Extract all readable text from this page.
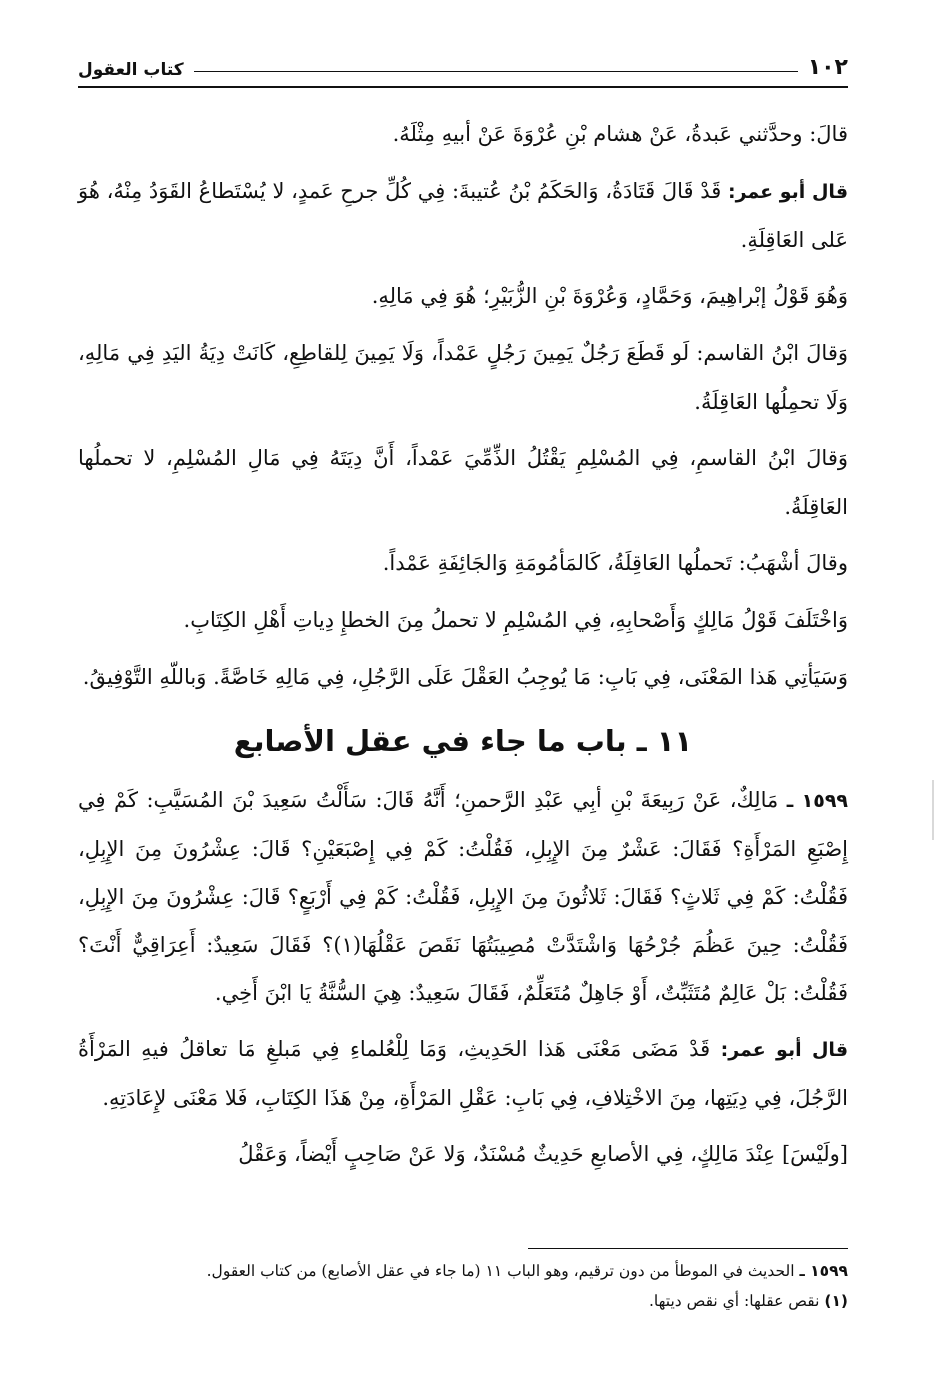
١٠٢
كتاب العقول

قالَ: وحدَّثني عَبدةُ، عَنْ هشام بْنِ عُرْوَةَ عَنْ أبيهِ مِثْلَهُ.

قال أبو عمر: قَدْ قَالَ قَتَادَةُ، وَالحَكَمُ بْنُ عُتيبةَ: فِي كُلِّ جرحِ عَمدٍ، لا يُسْتَطاعُ القَوَدُ مِنْهُ، هُوَ عَلى العَاقِلَةِ.

وَهُوَ قَوْلُ إبْراهِيمَ، وَحَمَّادٍ، وَعُرْوَةَ بْنِ الزُّبَيْرِ؛ هُوَ فِي مَالِهِ.

وَقالَ ابْنُ القاسم: لَو قَطَعَ رَجُلٌ يَمِينَ رَجُلٍ عَمْداً، وَلَا يَمِينَ لِلقاطِعِ، كَانَتْ دِيَةُ اليَدِ فِي مَالِهِ، وَلَا تحمِلُها العَاقِلَةُ.

وَقالَ ابْنُ القاسمِ، فِي المُسْلِمِ يَقْتُلُ الذِّمِّيَ عَمْداً، أَنَّ دِيَتَهُ فِي مَالِ المُسْلِمِ، لا تحملُها العَاقِلَةُ.

وقالَ أشْهَبُ: تَحملُها العَاقِلَةُ، كَالمَأمُومَةِ وَالجَائِفَةِ عَمْداً.

وَاخْتَلَفَ قَوْلُ مَالِكٍ وَأَصْحابِهِ، فِي المُسْلِمِ لا تحملُ مِنَ الخطإِ دِياتِ أَهْلِ الكِتَابِ.

وَسَيَأتِي هَذا المَعْنَى، فِي بَابِ: مَا يُوجِبُ العَقْلَ عَلَى الرَّجُلِ، فِي مَالِهِ خَاصَّةً. وَباللّهِ التَّوْفِيقُ.

١١ ـ باب ما جاء في عقل الأصابع

١٥٩٩ ـ مَالِكٌ، عَنْ رَبِيعَةَ بْنِ أبِي عَبْدِ الرَّحمنِ؛ أَنَّهُ قَالَ: سَأَلْتُ سَعِيدَ بْنَ المُسَيَّبِ: كَمْ فِي إِصْبَعِ المَرْأَةِ؟ فَقَالَ: عَشْرٌ مِنَ الإِبِلِ، فَقُلْتُ: كَمْ فِي إِصْبَعَيْنِ؟ قَالَ: عِشْرُونَ مِنَ الإِبِلِ، فَقُلْتُ: كَمْ فِي ثَلاثٍ؟ فَقَالَ: ثَلاثُونَ مِنَ الإِبِلِ، فَقُلْتُ: كَمْ فِي أَرْبَعٍ؟ قَالَ: عِشْرُونَ مِنَ الإِبِلِ، فَقُلْتُ: حِينَ عَظُمَ جُرْحُهَا وَاشْتَدَّتْ مُصِيبَتُهَا نَقَصَ عَقْلُهَا(١)؟ فَقَالَ سَعِيدٌ: أَعِرَاقِيٌّ أَنْتَ؟ فَقُلْتُ: بَلْ عَالِمٌ مُتَثَبِّتٌ، أَوْ جَاهِلٌ مُتَعَلِّمٌ، فَقَالَ سَعِيدٌ: هِيَ السُّنَّةُ يَا ابْنَ أَخِي.

قال أبو عمر: قَدْ مَضَى مَعْنَى هَذا الحَدِيثِ، وَمَا لِلْعُلماءِ فِي مَبلغِ مَا تعاقلُ فيهِ المَرْأَةُ الرَّجُلَ، فِي دِيَتِها، مِنَ الاخْتِلافِ، فِي بَابِ: عَقْلِ المَرْأَةِ، مِنْ هَذَا الكِتَابِ، فَلا مَعْنَى لإِعَادَتِهِ.

[ولَيْسَ] عِنْدَ مَالِكٍ، فِي الأصابعِ حَدِيثٌ مُسْنَدٌ، وَلا عَنْ صَاحِبٍ أَيْضاً، وَعَقْلُ

١٥٩٩ ـ الحديث في الموطأ من دون ترقيم، وهو الباب ١١ (ما جاء في عقل الأصابع) من كتاب العقول.

(١) نقص عقلها: أي نقص ديتها.
